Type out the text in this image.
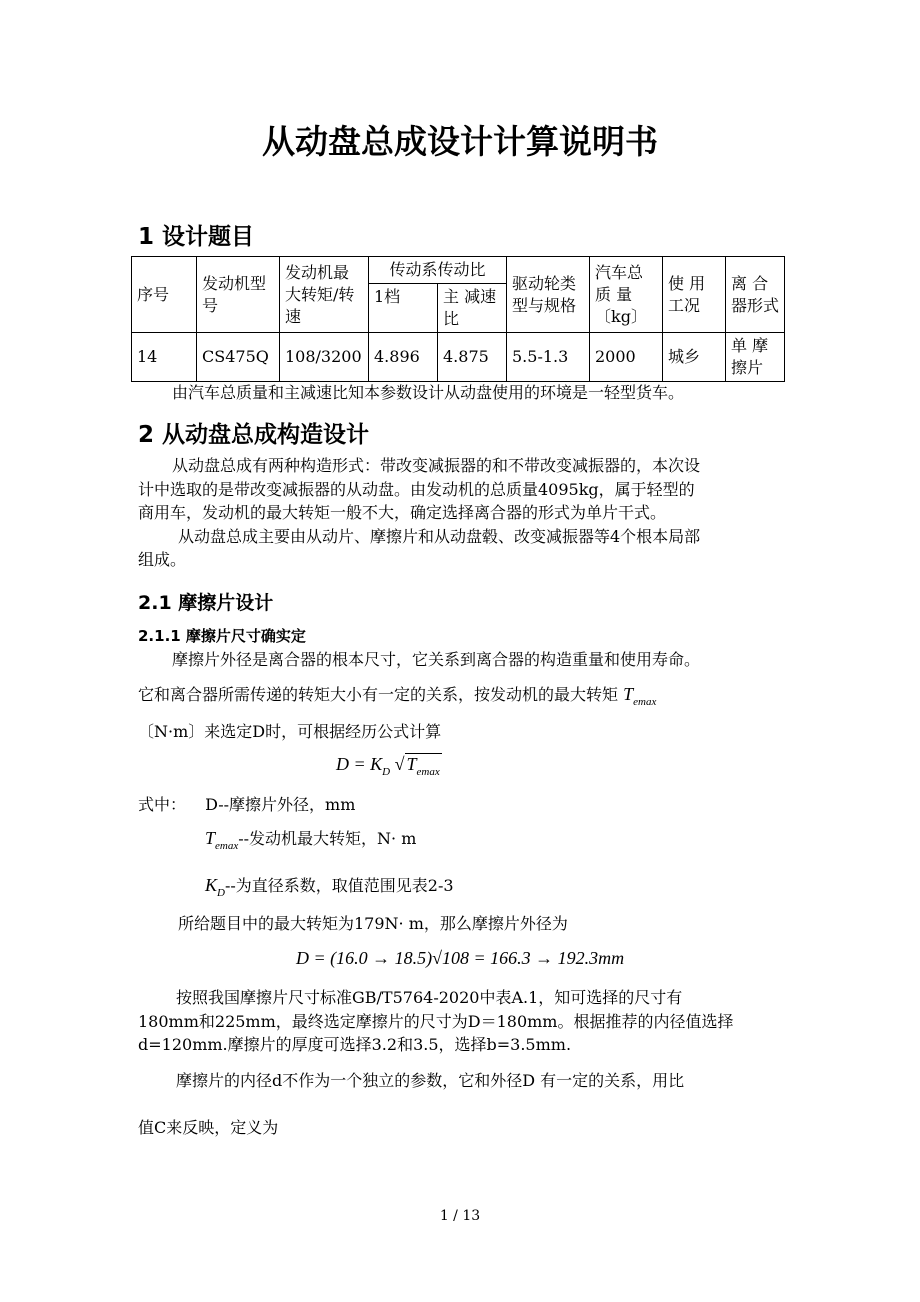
从动盘总成设计计算说明书
1 设计题目
序号	发动机型号	发动机最大转矩/转速	传动系传动比		驱动轮类型与规格	汽车总质 量〔kg〕	使 用工况	离 合器形式
			1档	主 减速比				
14	CS475Q	108/3200	4.896	4.875	5.5-1.3	2000	城乡	单 摩擦片
由汽车总质量和主减速比知本参数设计从动盘使用的环境是一轻型货车。
2 从动盘总成构造设计
从动盘总成有两种构造形式：带改变减振器的和不带改变减振器的，本次设
计中选取的是带改变减振器的从动盘。由发动机的总质量4095kg，属于轻型的
商用车，发动机的最大转矩一般不大，确定选择离合器的形式为单片干式。
从动盘总成主要由从动片、摩擦片和从动盘毂、改变减振器等4个根本局部
组成。
2.1 摩擦片设计
2.1.1 摩擦片尺寸确实定
摩擦片外径是离合器的根本尺寸，它关系到离合器的构造重量和使用寿命。
它和离合器所需传递的转矩大小有一定的关系，按发动机的最大转矩 $T_{emax}$
〔N·m〕来选定D时，可根据经历公式计算
$D = K_D$ √ $T_{emax}$
式中： D--摩擦片外径，mm
$T_{emax}--$发动机最大转矩，N· m
$K_D--$为直径系数，取值范围见表2-3
所给题目中的最大转矩为179N· m，那么摩擦片外径为
D = (16.0 → 18.5)√108 = 166.3 → 192.3mm
按照我国摩擦片尺寸标准GB/T5764-2020中表A.1，知可选择的尺寸有
180mm和225mm，最终选定摩擦片的尺寸为D＝180mm。根据推荐的内径值选择
d=120mm.摩擦片的厚度可选择3.2和3.5，选择b=3.5mm.
摩擦片的内径d不作为一个独立的参数，它和外径D 有一定的关系，用比
值C来反映，定义为
1 / 13
